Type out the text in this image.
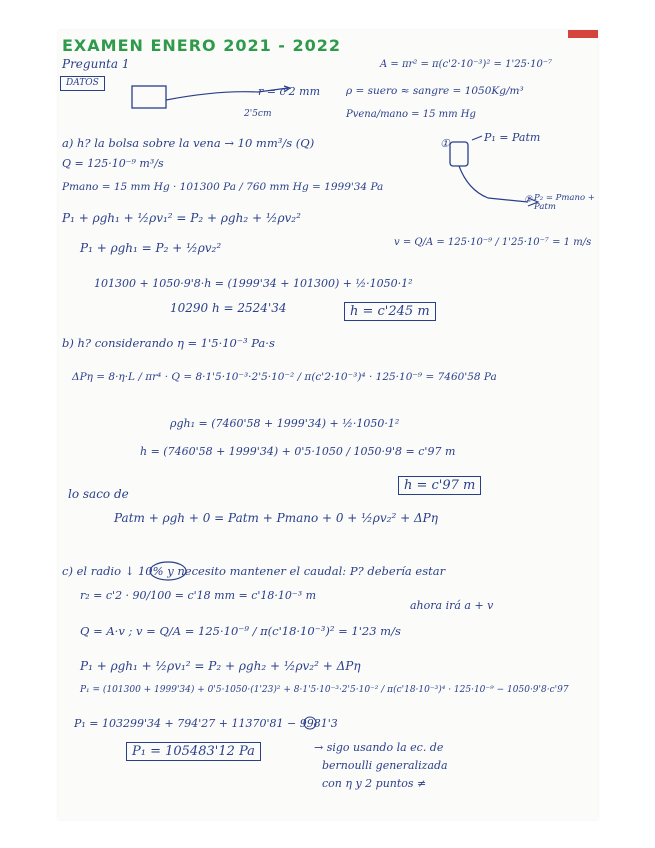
EXAMEN ENERO 2021 - 2022
Pregunta 1
DATOS
A = πr² = π(c'2·10⁻³)² = 1'25·10⁻⁷
r = c'2 mm
2'5cm
ρ = suero ≈ sangre = 1050Kg/m³
Pvena/mano = 15 mm Hg
a) h? la bolsa sobre la vena → 10 mm³/s (Q)	①	P₁ = Patm
Q = 125·10⁻⁹ m³/s
Pmano = 15 mm Hg · 101300 Pa / 760 mm Hg = 1999'34 Pa
② P₂ = Pmano + Patm
P₁ + ρgh₁ + ½ρv₁² = P₂ + ρgh₂ + ½ρv₂²
v = Q/A = 125·10⁻⁹ / 1'25·10⁻⁷ = 1 m/s
P₁ + ρgh₁ = P₂ + ½ρv₂²
101300 + 1050·9'8·h = (1999'34 + 101300) + ½·1050·1²
10290 h = 2524'34	h = c'245 m
b) h? considerando η = 1'5·10⁻³ Pa·s
ΔPη = 8·η·L / πr⁴ · Q = 8·1'5·10⁻³·2'5·10⁻² / π(c'2·10⁻³)⁴ · 125·10⁻⁹ = 7460'58 Pa
ρgh₁ = (7460'58 + 1999'34) + ½·1050·1²
h = (7460'58 + 1999'34) + 0'5·1050 / 1050·9'8 = c'97 m
h = c'97 m
lo saco de
Patm + ρgh + 0 = Patm + Pmano + 0 + ½ρv₂² + ΔPη
c) el radio ↓ 10% y necesito mantener el caudal: P? debería estar
r₂ = c'2 · 90/100 = c'18 mm = c'18·10⁻³ m
ahora irá a + v
Q = A·v ; v = Q/A = 125·10⁻⁹ / π(c'18·10⁻³)² = 1'23 m/s
P₁ + ρgh₁ + ½ρv₁² = P₂ + ρgh₂ + ½ρv₂² + ΔPη
P₁ = (101300 + 1999'34) + 0'5·1050·(1'23)² + 8·1'5·10⁻³·2'5·10⁻² / π(c'18·10⁻³)⁴ · 125·10⁻⁹ − 1050·9'8·c'97
P₁ = 103299'34 + 794'27 + 11370'81 − 9981'3
P₁ = 105483'12 Pa	→ sigo usando la ec. de
bernoulli generalizada
con η y 2 puntos ≠
